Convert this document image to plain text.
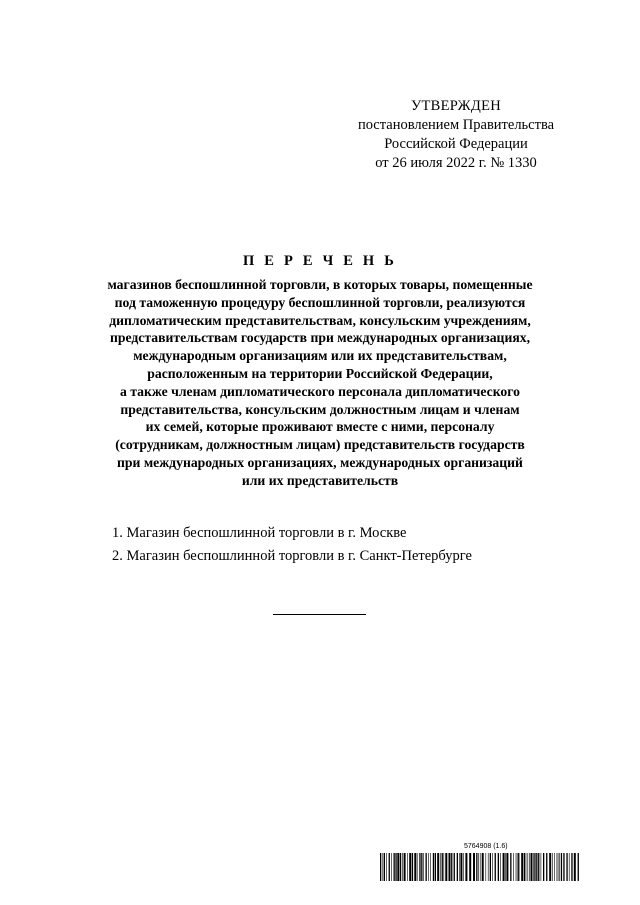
УТВЕРЖДЕН
постановлением Правительства
Российской Федерации
от 26 июля 2022 г. № 1330
П Е Р Е Ч Е Н Ь
магазинов беспошлинной торговли, в которых товары, помещенные
под таможенную процедуру беспошлинной торговли, реализуются
дипломатическим представительствам, консульским учреждениям,
представительствам государств при международных организациях,
международным организациям или их представительствам,
расположенным на территории Российской Федерации,
а также членам дипломатического персонала дипломатического
представительства, консульским должностным лицам и членам
их семей, которые проживают вместе с ними, персоналу
(сотрудникам, должностным лицам) представительств государств
при международных организациях, международных организаций
или их представительств
1. Магазин беспошлинной торговли в г. Москве
2. Магазин беспошлинной торговли в г. Санкт-Петербурге
5764908 (1.6)
